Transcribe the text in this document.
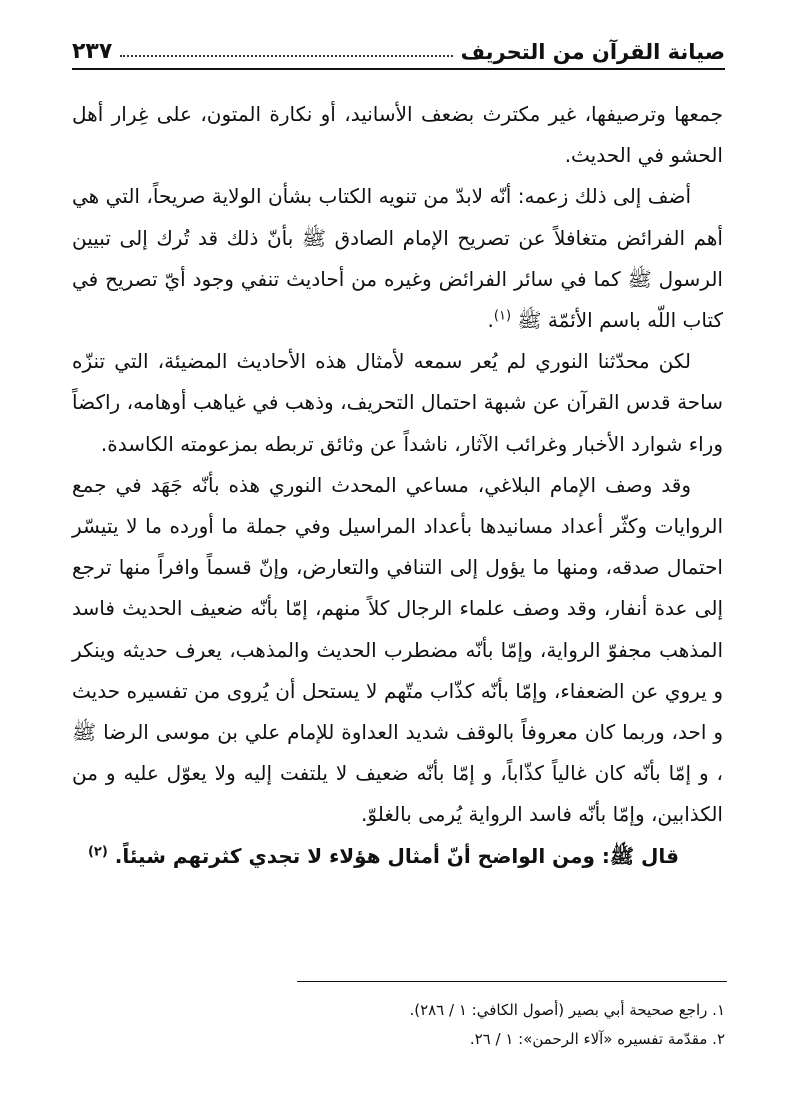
صيانة القرآن من التحريف
٢٣٧

جمعها وترصيفها، غير مكترث بضعف الأسانيد، أو نكارة المتون، على غِرار أهل الحشو في الحديث.

أضف إلى ذلك زعمه: أنّه لابدّ من تنويه الكتاب بشأن الولاية صريحاً، التي هي أهم الفرائض متغافلاً عن تصريح الإمام الصادق ﷺ بأنّ ذلك قد تُرك إلى تبيين الرسول ﷺ كما في سائر الفرائض وغيره من أحاديث تنفي وجود أيّ تصريح في كتاب اللّه باسم الأئمّة ﷺ $^{(١)}$.

لكن محدّثنا النوري لم يُعر سمعه لأمثال هذه الأحاديث المضيئة، التي تنزّه ساحة قدس القرآن عن شبهة احتمال التحريف، وذهب في غياهب أوهامه، راكضاً وراء شوارد الأخبار وغرائب الآثار، ناشداً عن وثائق تربطه بمزعومته الكاسدة.

وقد وصف الإمام البلاغي، مساعي المحدث النوري هذه بأنّه جَهَد في جمع الروايات وكثّر أعداد مسانيدها بأعداد المراسيل وفي جملة ما أورده ما لا يتيسّر احتمال صدقه، ومنها ما يؤول إلى التنافي والتعارض، وإنّ قسماً وافراً منها ترجع إلى عدة أنفار، وقد وصف علماء الرجال كلاً منهم، إمّا بأنّه ضعيف الحديث فاسد المذهب مجفوّ الرواية، وإمّا بأنّه مضطرب الحديث والمذهب، يعرف حديثه وينكر و يروي عن الضعفاء، وإمّا بأنّه كذّاب متّهم لا يستحل أن يُروى من تفسيره حديث و احد، وربما كان معروفاً بالوقف شديد العداوة للإمام علي بن موسى الرضا ﷺ ، و إمّا بأنّه كان غالياً كذّاباً، و إمّا بأنّه ضعيف لا يلتفت إليه ولا يعوّل عليه و من الكذابين، وإمّا بأنّه فاسد الرواية يُرمى بالغلوّ.

قال ﷺ: ومن الواضح أنّ أمثال هؤلاء لا تجدي كثرتهم شيئاً. $^{(٢)}$

١. راجع صحيحة أبي بصير (أصول الكافي: ١ / ٢٨٦).

٢. مقدّمة تفسيره «آلاء الرحمن»: ١ / ٢٦.
